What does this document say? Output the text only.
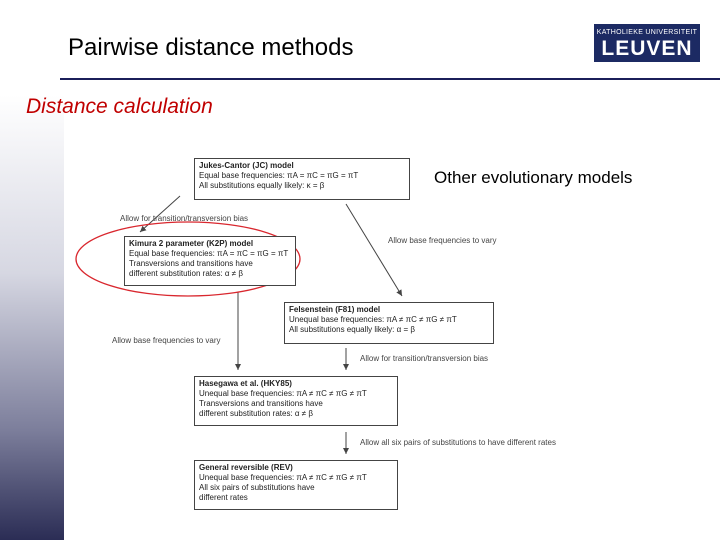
Pairwise distance methods
KATHOLIEKE UNIVERSITEIT
LEUVEN
Distance calculation
Other evolutionary models
Jukes-Cantor (JC) model
Equal base frequencies: πA = πC = πG = πT
All substitutions equally likely: κ = β
Kimura 2 parameter (K2P) model
Equal base frequencies: πA = πC = πG = πT
Transversions and transitions have
different substitution rates: α ≠ β
Felsenstein (F81) model
Unequal base frequencies: πA ≠ πC ≠ πG ≠ πT
All substitutions equally likely: α = β
Hasegawa et al. (HKY85)
Unequal base frequencies: πA ≠ πC ≠ πG ≠ πT
Transversions and transitions have
different substitution rates: α ≠ β
General reversible (REV)
Unequal base frequencies: πA ≠ πC ≠ πG ≠ πT
All six pairs of substitutions have
different rates
Allow for transition/transversion bias
Allow base frequencies to vary
Allow base frequencies to vary
Allow for transition/transversion bias
Allow all six pairs of substitutions to have different rates
